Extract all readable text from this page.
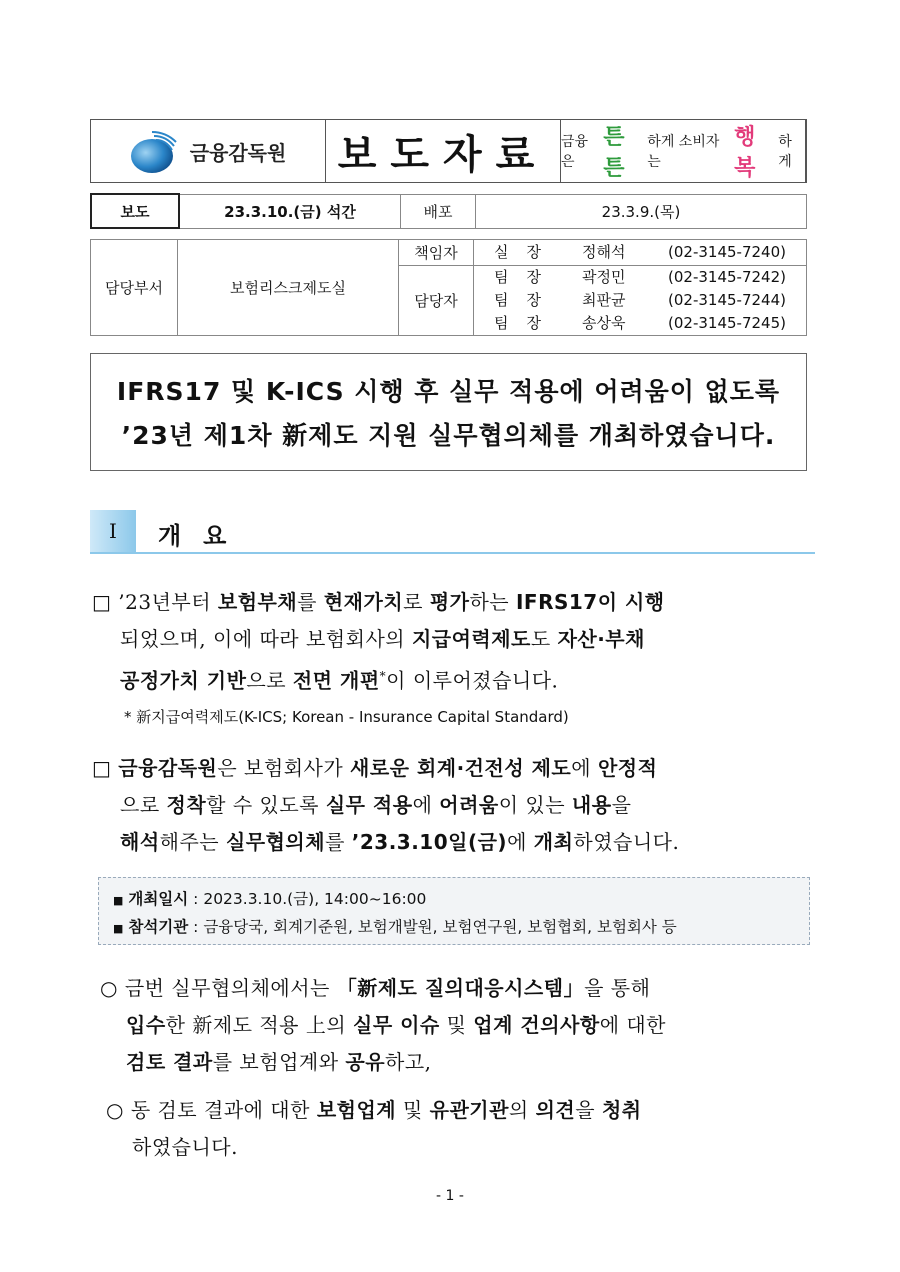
금융감독원 보도자료 금융은
튼튼
하게 소비자는
행복
하게
보도	23.3.10.(금) 석간	배포	23.3.9.(목)
담당부서	보험리스크제도실	책임자	실장 정해석 (02-3145-7240)
		담당자	팀장 곽정민 (02-3145-7242)
팀장 최판균 (02-3145-7244)
팀장 송상욱 (02-3145-7245)
IFRS17 및 K-ICS 시행 후 실무 적용에 어려움이 없도록
’23년 제1차 新제도 지원 실무협의체를 개최하였습니다.
Ⅰ	개요
□ ’23년부터 보험부채를 현재가치로 평가하는 IFRS17이 시행
되었으며, 이에 따라 보험회사의 지급여력제도도 자산·부채
공정가치 기반으로 전면 개편*이 이루어졌습니다.
* 新지급여력제도(K-ICS; Korean - Insurance Capital Standard)
□ 금융감독원은 보험회사가 새로운 회계·건전성 제도에 안정적
으로 정착할 수 있도록 실무 적용에 어려움이 있는 내용을
해석해주는 실무협의체를 ’23.3.10일(금)에 개최하였습니다.
■ 개최일시 : 2023.3.10.(금), 14:00~16:00
■ 참석기관 : 금융당국, 회계기준원, 보험개발원, 보험연구원, 보험협회, 보험회사 등
○ 금번 실무협의체에서는 「新제도 질의대응시스템」을 통해
입수한 新제도 적용 上의 실무 이슈 및 업계 건의사항에 대한
검토 결과를 보험업계와 공유하고,
○ 동 검토 결과에 대한 보험업계 및 유관기관의 의견을 청취
하였습니다.
- 1 -
